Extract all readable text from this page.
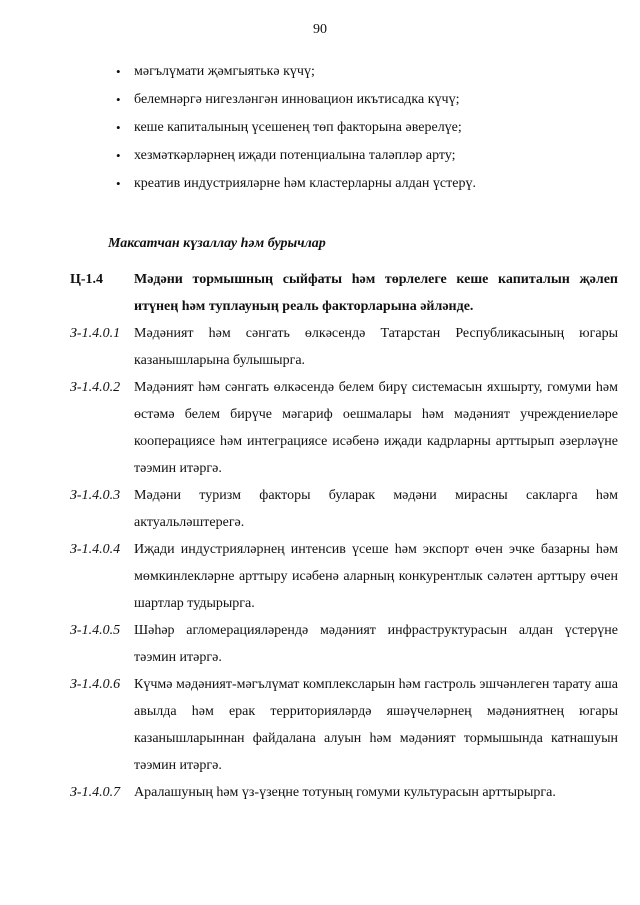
90
• мәгълүмати җәмгыятькә күчү;
• белемнәргә нигезләнгән инновацион икътисадка күчү;
• кеше капиталының үсешенең төп факторына әверелүе;
• хезмәткәрләрнең иҗади потенциалына таләпләр арту;
• креатив индустрияләрне һәм кластерларны алдан үстерү.
Максатчан күзаллау һәм бурычлар
Ц-1.4	Мәдәни тормышның сыйфаты һәм төрлелеге кеше капиталын җәлеп итүнең һәм туплауның реаль факторларына әйләнде.
З-1.4.0.1 Мәдәният һәм сәнгать өлкәсендә Татарстан Республикасының югары казанышларына булышырга.
З-1.4.0.2 Мәдәният һәм сәнгать өлкәсендә белем бирү системасын яхшырту, гомуми һәм өстәмә белем бирүче мәгариф оешмалары һәм мәдәният учреждениеләре кооперациясе һәм интеграциясе исәбенә иҗади кадрларны арттырып әзерләүне тәэмин итәргә.
З-1.4.0.3 Мәдәни туризм факторы буларак мәдәни мирасны сакларга һәм актуальләштерегә.
З-1.4.0.4 Иҗади индустрияләрнең интенсив үсеше һәм экспорт өчен эчке базарны һәм мөмкинлекләрне арттыру исәбенә аларның конкурентлык сәләтен арттыру өчен шартлар тудырырга.
З-1.4.0.5 Шәһәр агломерацияләрендә мәдәният инфраструктурасын алдан үстерүне тәэмин итәргә.
З-1.4.0.6 Күчмә мәдәният-мәгълүмат комплексларын һәм гастроль эшчәнлеген тарату аша авылда һәм ерак территорияләрдә яшәүчеләрнең мәдәниятнең югары казанышларыннан файдалана алуын һәм мәдәният тормышында катнашуын тәэмин итәргә.
З-1.4.0.7 Аралашуның һәм үз-үзеңне тотуның гомуми культурасын арттырырга.
